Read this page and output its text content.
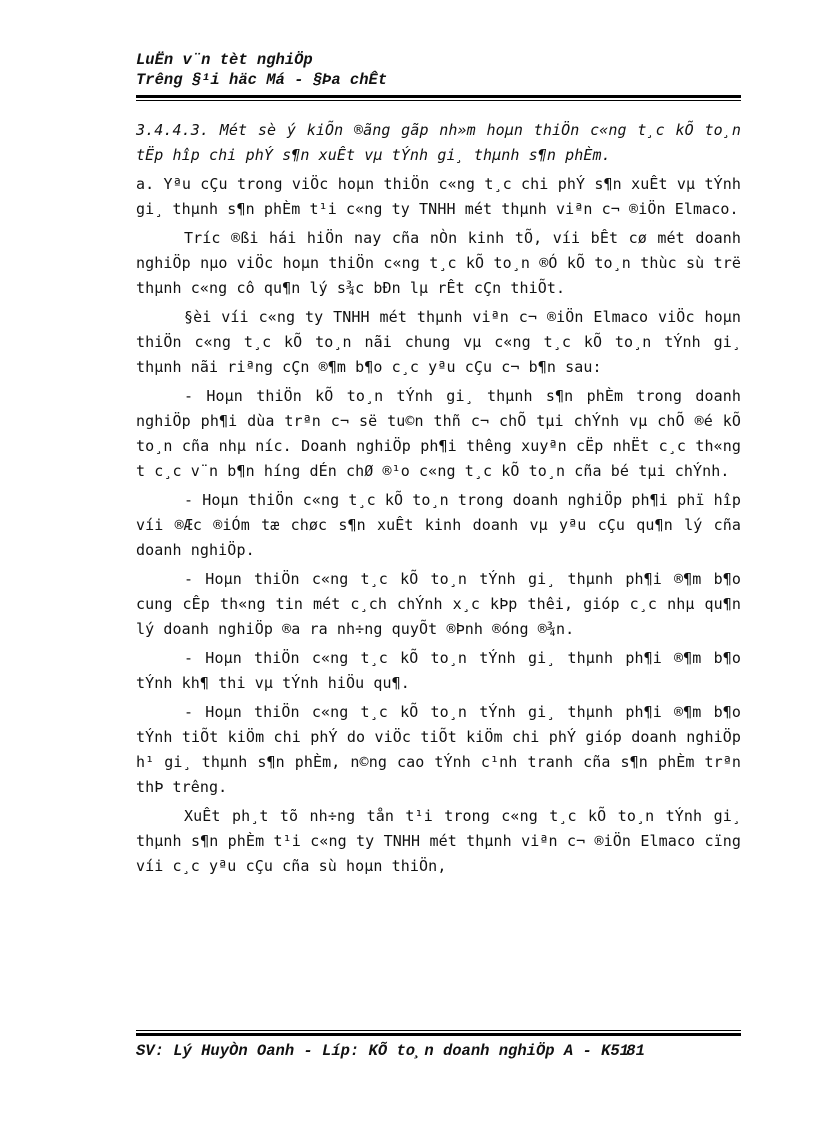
LuËn v¨n tèt nghiÖp
Trêng §¹i häc Má - §Þa chÊt

3.4.4.3. Mét sè ý kiÕn ®ãng gãp nh»m hoµn thiÖn c«ng t¸c kÕ to¸n tËp hîp chi phÝ s¶n xuÊt vµ tÝnh gi¸ thµnh s¶n phÈm.

a. Yªu cÇu trong viÖc hoµn thiÖn c«ng t¸c chi phÝ s¶n xuÊt vµ tÝnh gi¸ thµnh s¶n phÈm t¹i c«ng ty TNHH mét thµnh viªn c¬ ®iÖn Elmaco.

Tríc ®ßi hái hiÖn nay cña nÒn kinh tÕ, víi bÊt cø mét doanh nghiÖp nµo viÖc hoµn thiÖn c«ng t¸c kÕ to¸n ®Ó kÕ to¸n thùc sù trë thµnh c«ng cô qu¶n lý s¾c bÐn lµ rÊt cÇn thiÕt.

§èi víi c«ng ty TNHH mét thµnh viªn c¬ ®iÖn Elmaco viÖc hoµn thiÖn c«ng t¸c kÕ to¸n nãi chung vµ c«ng t¸c kÕ to¸n tÝnh gi¸ thµnh nãi riªng cÇn ®¶m b¶o c¸c yªu cÇu c¬ b¶n sau:

- Hoµn thiÖn kÕ to¸n tÝnh gi¸ thµnh s¶n phÈm trong doanh nghiÖp ph¶i dùa trªn c¬ së tu©n thñ c¬ chÕ tµi chÝnh vµ chÕ ®é kÕ to¸n cña nhµ níc. Doanh nghiÖp ph¶i thêng xuyªn cËp nhËt c¸c th«ng t c¸c v¨n b¶n híng dÉn chØ ®¹o c«ng t¸c kÕ to¸n cña bé tµi chÝnh.

- Hoµn thiÖn c«ng t¸c kÕ to¸n trong doanh nghiÖp ph¶i phï hîp víi ®Æc ®iÓm tæ chøc s¶n xuÊt kinh doanh vµ yªu cÇu qu¶n lý cña doanh nghiÖp.

- Hoµn thiÖn c«ng t¸c kÕ to¸n tÝnh gi¸ thµnh ph¶i ®¶m b¶o cung cÊp th«ng tin mét c¸ch chÝnh x¸c kÞp thêi, gióp c¸c nhµ qu¶n lý doanh nghiÖp ®a ra nh÷ng quyÕt ®Þnh ®óng ®¾n.

- Hoµn thiÖn c«ng t¸c kÕ to¸n tÝnh gi¸ thµnh ph¶i ®¶m b¶o tÝnh kh¶ thi vµ tÝnh hiÖu qu¶.

- Hoµn thiÖn c«ng t¸c kÕ to¸n tÝnh gi¸ thµnh ph¶i ®¶m b¶o tÝnh tiÕt kiÖm chi phÝ do viÖc tiÕt kiÖm chi phÝ gióp doanh nghiÖp h¹ gi¸ thµnh s¶n phÈm, n©ng cao tÝnh c¹nh tranh cña s¶n phÈm trªn thÞ trêng.

XuÊt ph¸t tõ nh÷ng tån t¹i trong c«ng t¸c kÕ to¸n tÝnh gi¸ thµnh s¶n phÈm t¹i c«ng ty TNHH mét thµnh viªn c¬ ®iÖn Elmaco cïng víi c¸c yªu cÇu cña sù hoµn thiÖn,

SV: Lý HuyÒn Oanh - Líp: KÕ to¸n doanh nghiÖp A - K51 81
